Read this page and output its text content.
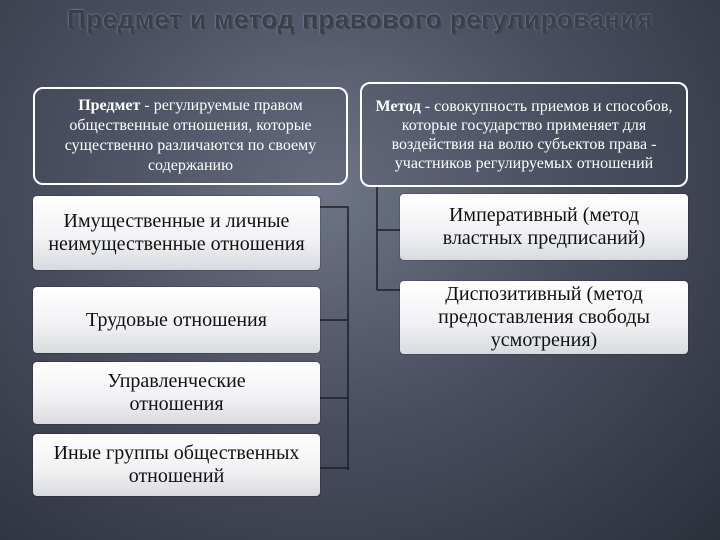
Предмет и метод правового регулирования
Предмет - регулируемые правом общественные отношения, которые существенно различаются по своему содержанию
Метод - совокупность приемов и способов, которые государство применяет для воздействия на волю субъектов права - участников регулируемых отношений
Имущественные и личные неимущественные отношения
Трудовые отношения
Управленческие отношения
Иные группы общественных отношений
Императивный (метод властных предписаний)
Диспозитивный (метод предоставления свободы усмотрения)
